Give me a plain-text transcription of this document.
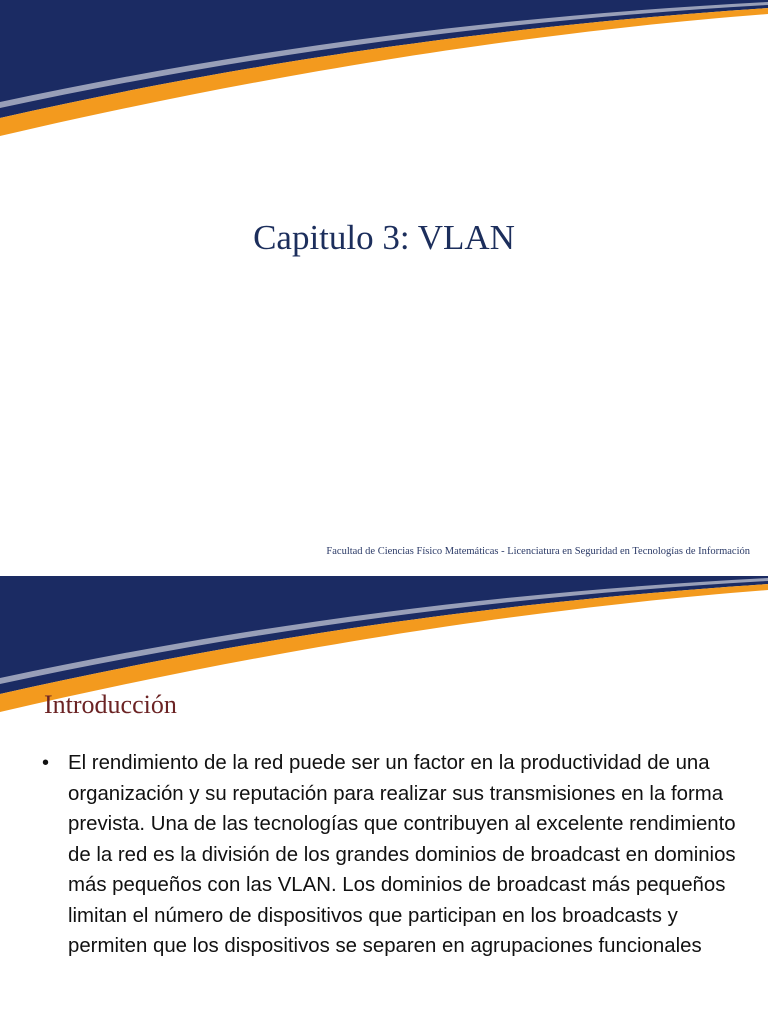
Capitulo 3: VLAN

Facultad de Ciencias Físico Matemáticas - Licenciatura en Seguridad en Tecnologías de Información

Introducción
• El rendimiento de la red puede ser un factor en la productividad de una organización y su reputación para realizar sus transmisiones en la forma prevista. Una de las tecnologías que contribuyen al excelente rendimiento de la red es la división de los grandes dominios de broadcast en dominios más pequeños con las VLAN. Los dominios de broadcast más pequeños limitan el número de dispositivos que participan en los broadcasts y permiten que los dispositivos se separen en agrupaciones funcionales
